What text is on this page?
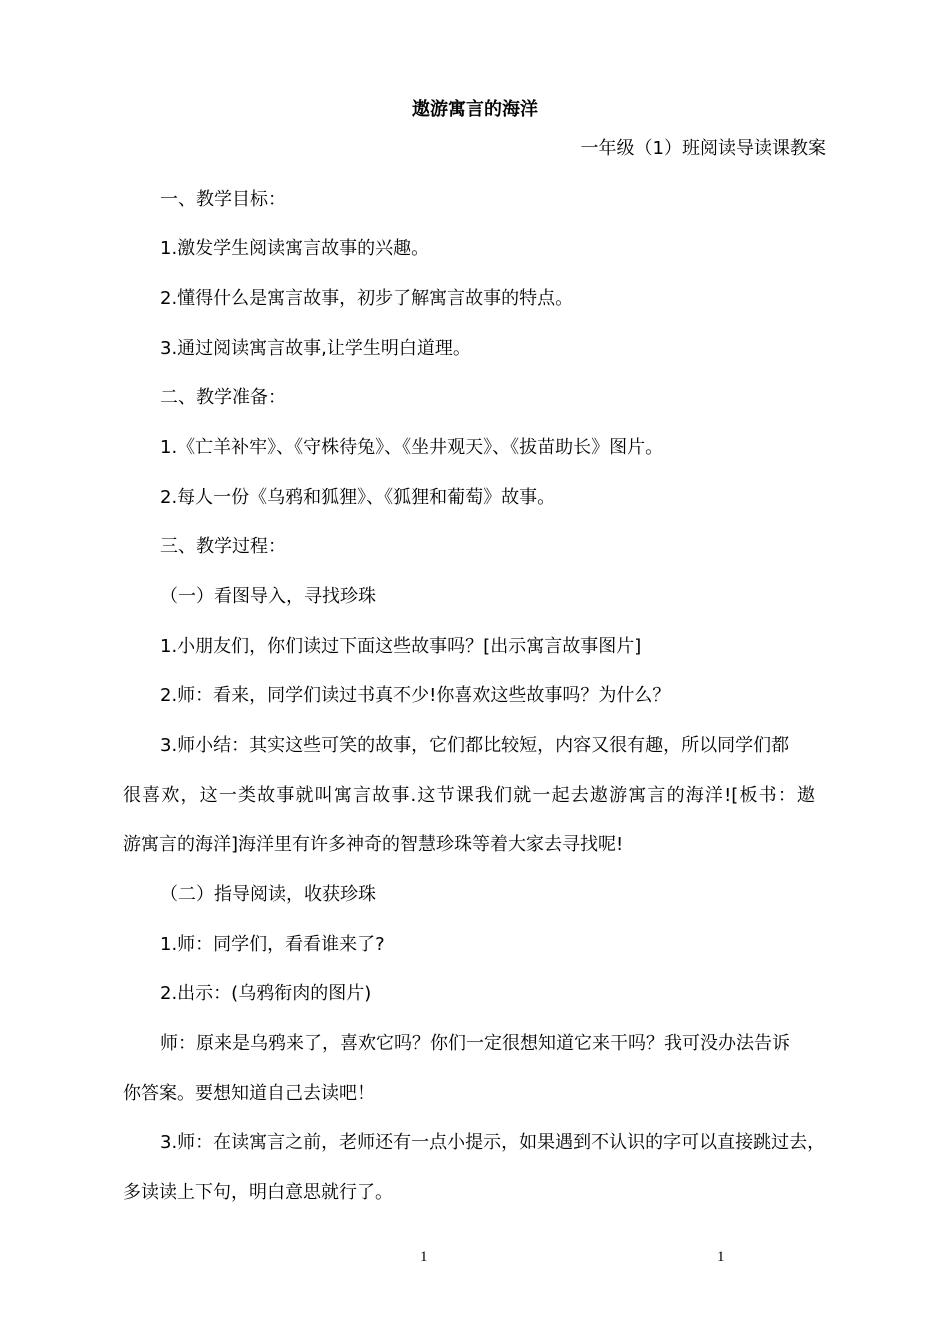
遨游寓言的海洋
一年级（1）班阅读导读课教案
一、教学目标：
1.激发学生阅读寓言故事的兴趣。
2.懂得什么是寓言故事，初步了解寓言故事的特点。
3.通过阅读寓言故事,让学生明白道理。
二、教学准备：
1.《亡羊补牢》、《守株待兔》、《坐井观天》、《拔苗助长》图片。
2.每人一份《乌鸦和狐狸》、《狐狸和葡萄》故事。
三、教学过程：
（一）看图导入，寻找珍珠
1.小朋友们，你们读过下面这些故事吗？[出示寓言故事图片]
2.师：看来，同学们读过书真不少!你喜欢这些故事吗？为什么？
3.师小结：其实这些可笑的故事，它们都比较短，内容又很有趣，所以同学们都
很喜欢，这一类故事就叫寓言故事.这节课我们就一起去遨游寓言的海洋![板书：遨
游寓言的海洋]海洋里有许多神奇的智慧珍珠等着大家去寻找呢!
（二）指导阅读，收获珍珠
1.师：同学们，看看谁来了?
2.出示：(乌鸦衔肉的图片)
师：原来是乌鸦来了，喜欢它吗？你们一定很想知道它来干吗？我可没办法告诉
你答案。要想知道自己去读吧！
3.师：在读寓言之前，老师还有一点小提示，如果遇到不认识的字可以直接跳过去，
多读读上下句，明白意思就行了。
1	1
